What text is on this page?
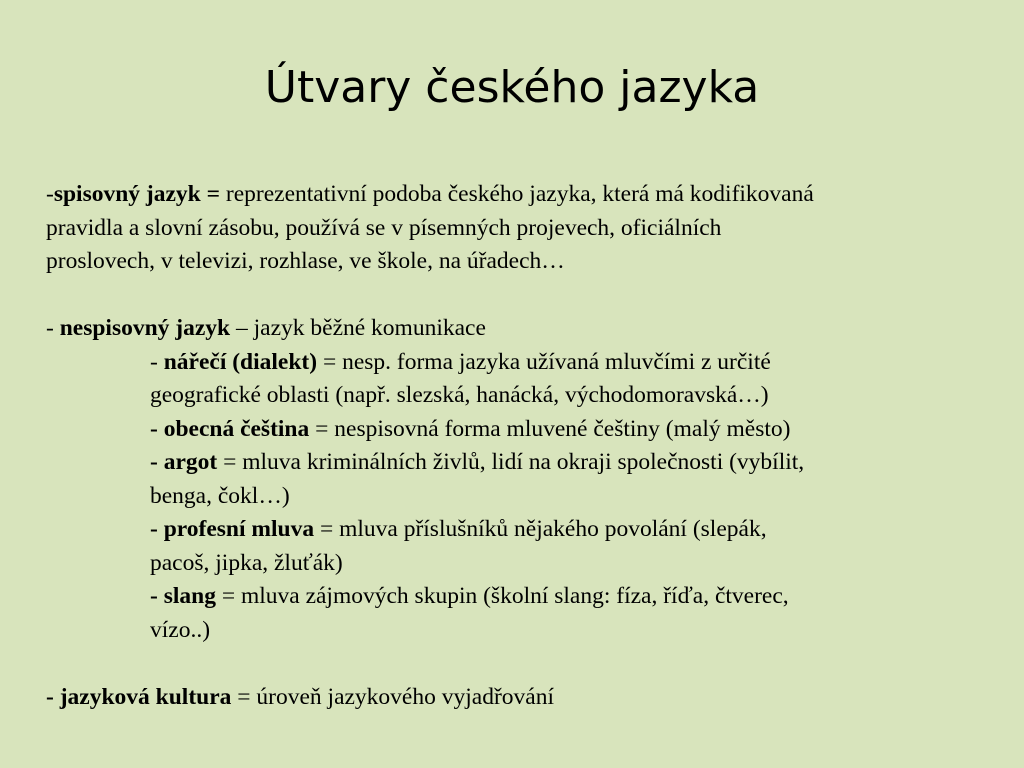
Útvary českého jazyka
-spisovný jazyk = reprezentativní podoba českého jazyka, která má kodifikovaná
pravidla a slovní zásobu, používá se v písemných projevech, oficiálních
proslovech, v televizi, rozhlase, ve škole, na úřadech…
- nespisovný jazyk – jazyk běžné komunikace
- nářečí (dialekt) = nesp. forma jazyka užívaná mluvčími z určité
geografické oblasti (např. slezská, hanácká, východomoravská…)
- obecná čeština = nespisovná forma mluvené češtiny (malý město)
- argot = mluva kriminálních živlů, lidí na okraji společnosti (vybílit,
benga, čokl…)
- profesní mluva = mluva příslušníků nějakého povolání (slepák,
pacoš, jipka, žluťák)
- slang = mluva zájmových skupin (školní slang: fíza, říďa, čtverec,
vízo..)
- jazyková kultura = úroveň jazykového vyjadřování
